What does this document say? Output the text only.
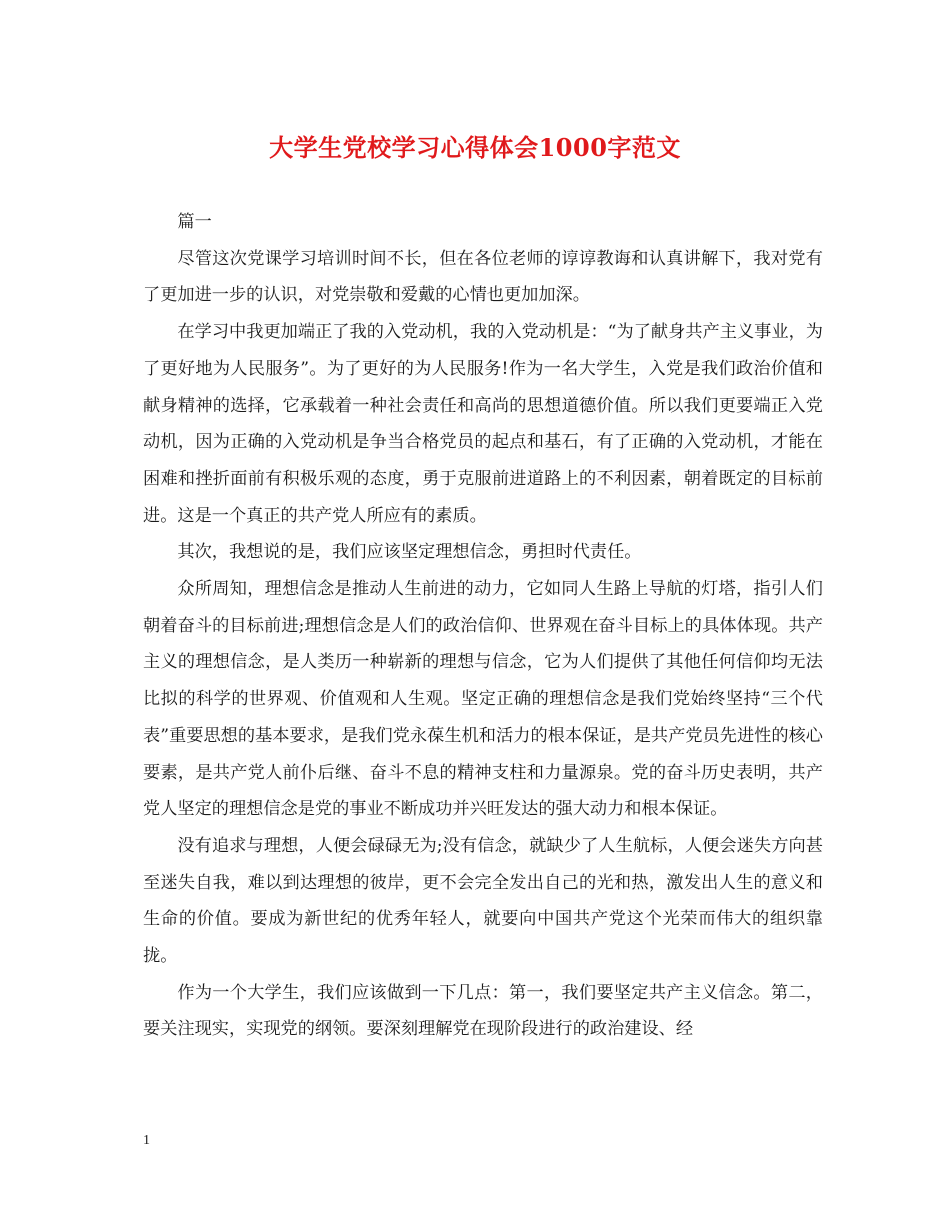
大学生党校学习心得体会1000字范文

篇一

尽管这次党课学习培训时间不长，但在各位老师的谆谆教诲和认真讲解下，我对党有了更加进一步的认识，对党崇敬和爱戴的心情也更加加深。

在学习中我更加端正了我的入党动机，我的入党动机是：“为了献身共产主义事业，为了更好地为人民服务”。为了更好的为人民服务!作为一名大学生，入党是我们政治价值和献身精神的选择，它承载着一种社会责任和高尚的思想道德价值。所以我们更要端正入党动机，因为正确的入党动机是争当合格党员的起点和基石，有了正确的入党动机，才能在困难和挫折面前有积极乐观的态度，勇于克服前进道路上的不利因素，朝着既定的目标前进。这是一个真正的共产党人所应有的素质。

其次，我想说的是，我们应该坚定理想信念，勇担时代责任。

众所周知，理想信念是推动人生前进的动力，它如同人生路上导航的灯塔，指引人们朝着奋斗的目标前进;理想信念是人们的政治信仰、世界观在奋斗目标上的具体体现。共产主义的理想信念，是人类历一种崭新的理想与信念，它为人们提供了其他任何信仰均无法比拟的科学的世界观、价值观和人生观。坚定正确的理想信念是我们党始终坚持“三个代表”重要思想的基本要求，是我们党永葆生机和活力的根本保证，是共产党员先进性的核心要素，是共产党人前仆后继、奋斗不息的精神支柱和力量源泉。党的奋斗历史表明，共产党人坚定的理想信念是党的事业不断成功并兴旺发达的强大动力和根本保证。

没有追求与理想，人便会碌碌无为;没有信念，就缺少了人生航标，人便会迷失方向甚至迷失自我，难以到达理想的彼岸，更不会完全发出自己的光和热，激发出人生的意义和生命的价值。要成为新世纪的优秀年轻人，就要向中国共产党这个光荣而伟大的组织靠拢。

作为一个大学生，我们应该做到一下几点：第一，我们要坚定共产主义信念。第二，要关注现实，实现党的纲领。要深刻理解党在现阶段进行的政治建设、经

1
